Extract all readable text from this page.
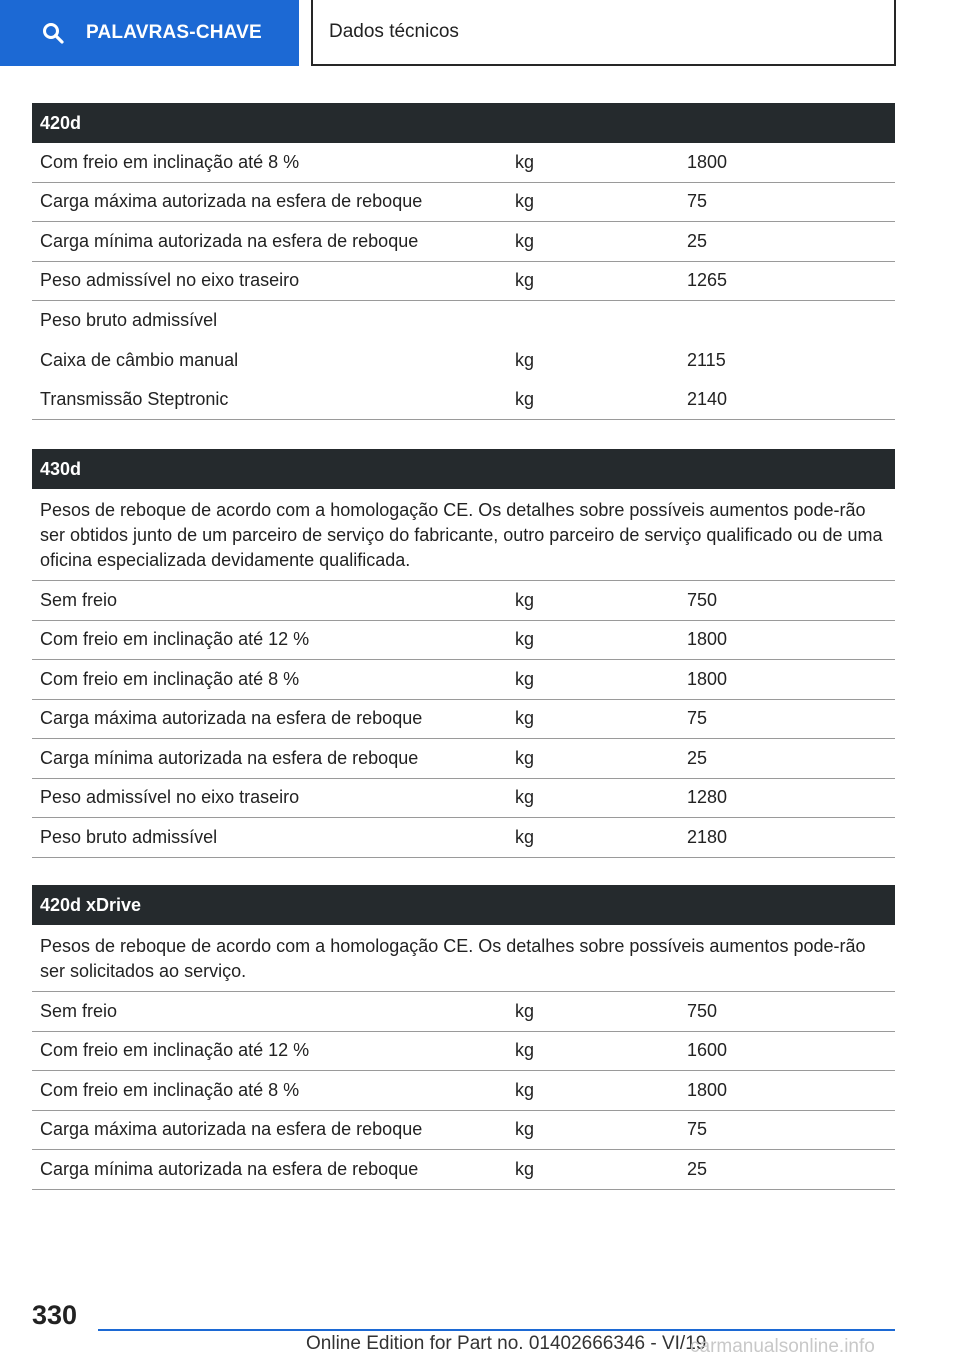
PALAVRAS-CHAVE	Dados técnicos
420d
Com freio em inclinação até 8 %	kg	1800
Carga máxima autorizada na esfera de reboque	kg	75
Carga mínima autorizada na esfera de reboque	kg	25
Peso admissível no eixo traseiro	kg	1265
Peso bruto admissível
Caixa de câmbio manual	kg	2115
Transmissão Steptronic	kg	2140
430d
Pesos de reboque de acordo com a homologação CE. Os detalhes sobre possíveis aumentos pode-rão ser obtidos junto de um parceiro de serviço do fabricante, outro parceiro de serviço qualificado ou de uma oficina especializada devidamente qualificada.
Sem freio	kg	750
Com freio em inclinação até 12 %	kg	1800
Com freio em inclinação até 8 %	kg	1800
Carga máxima autorizada na esfera de reboque	kg	75
Carga mínima autorizada na esfera de reboque	kg	25
Peso admissível no eixo traseiro	kg	1280
Peso bruto admissível	kg	2180
420d xDrive
Pesos de reboque de acordo com a homologação CE. Os detalhes sobre possíveis aumentos pode-rão ser solicitados ao serviço.
Sem freio	kg	750
Com freio em inclinação até 12 %	kg	1600
Com freio em inclinação até 8 %	kg	1800
Carga máxima autorizada na esfera de reboque	kg	75
Carga mínima autorizada na esfera de reboque	kg	25
330
Online Edition for Part no. 01402666346 - VI/19
carmanualsonline.info
